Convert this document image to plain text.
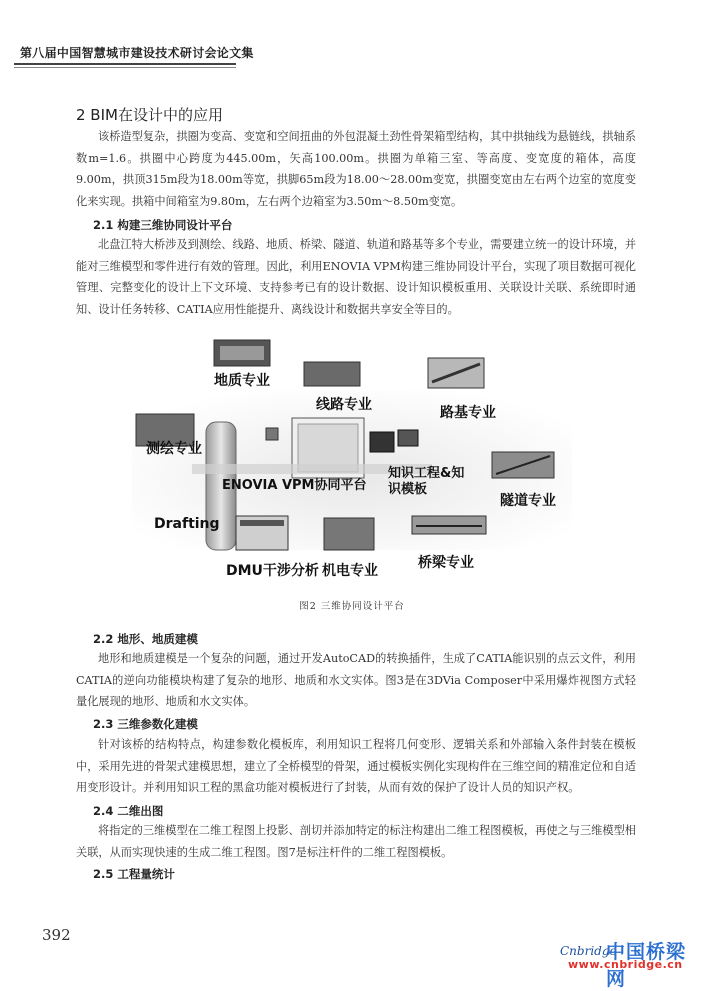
第八届中国智慧城市建设技术研讨会论文集
2 BIM在设计中的应用
该桥造型复杂，拱圈为变高、变宽和空间扭曲的外包混凝土劲性骨架箱型结构，其中拱轴线为悬链线，拱轴系数m=1.6。拱圈中心跨度为445.00m，矢高100.00m。拱圈为单箱三室、等高度、变宽度的箱体，高度9.00m，拱顶315m段为18.00m等宽，拱脚65m段为18.00～28.00m变宽，拱圈变宽由左右两个边室的宽度变化来实现。拱箱中间箱室为9.80m，左右两个边箱室为3.50m～8.50m变宽。
2.1 构建三维协同设计平台
北盘江特大桥涉及到测绘、线路、地质、桥梁、隧道、轨道和路基等多个专业，需要建立统一的设计环境，并能对三维模型和零件进行有效的管理。因此，利用ENOVIA VPM构建三维协同设计平台，实现了项目数据可视化管理、完整变化的设计上下文环境、支持参考已有的设计数据、设计知识模板重用、关联设计关联、系统即时通知、设计任务转移、CATIA应用性能提升、离线设计和数据共享安全等目的。
地质专业
线路专业	路基专业
测绘专业
ENOVIA VPM协同平台
知识工程&知识模板
隧道专业
Drafting
DMU干涉分析 机电专业	桥梁专业
图2 三维协同设计平台
2.2 地形、地质建模
地形和地质建模是一个复杂的问题，通过开发AutoCAD的转换插件，生成了CATIA能识别的点云文件，利用CATIA的逆向功能模块构建了复杂的地形、地质和水文实体。图3是在3DVia Composer中采用爆炸视图方式轻量化展现的地形、地质和水文实体。
2.3 三维参数化建模
针对该桥的结构特点，构建参数化模板库，利用知识工程将几何变形、逻辑关系和外部输入条件封装在模板中，采用先进的骨架式建模思想，建立了全桥模型的骨架，通过模板实例化实现构件在三维空间的精准定位和自适用变形设计。并利用知识工程的黑盒功能对模板进行了封装，从而有效的保护了设计人员的知识产权。
2.4 二维出图
将指定的三维模型在二维工程图上投影、剖切并添加特定的标注构建出二维工程图模板，再使之与三维模型相关联，从而实现快速的生成二维工程图。图7是标注杆件的二维工程图模板。
2.5 工程量统计
392
Cnbridge
中国桥梁网
www.cnbridge.cn
